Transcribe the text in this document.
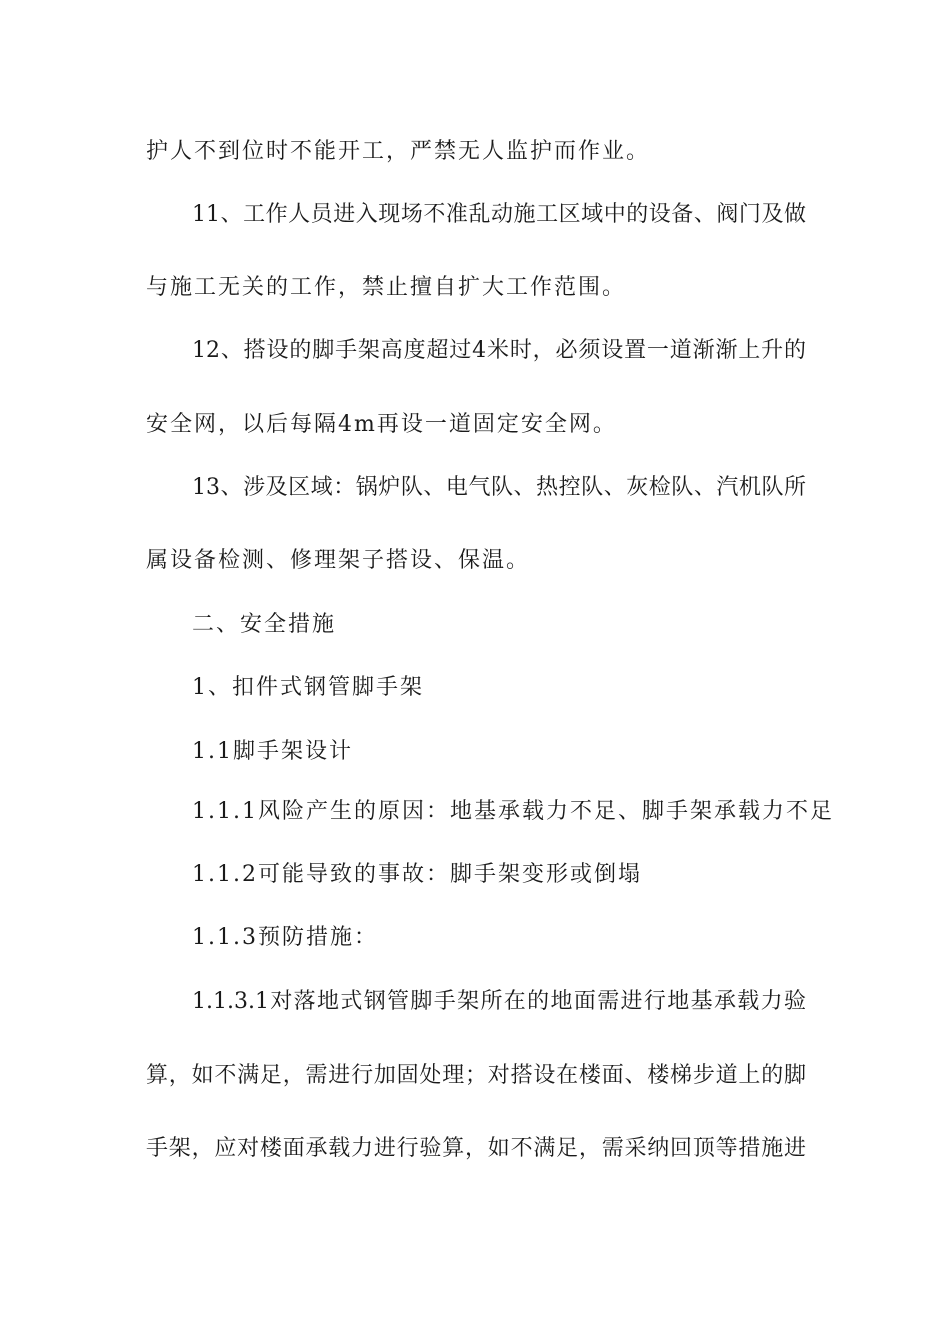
护人不到位时不能开工，严禁无人监护而作业。
11、工作人员进入现场不准乱动施工区域中的设备、阀门及做
与施工无关的工作，禁止擅自扩大工作范围。
12、搭设的脚手架高度超过4米时，必须设置一道渐渐上升的
安全网，以后每隔4m再设一道固定安全网。
13、涉及区域：锅炉队、电气队、热控队、灰检队、汽机队所
属设备检测、修理架子搭设、保温。
二、安全措施
1、扣件式钢管脚手架
1.1脚手架设计
1.1.1风险产生的原因：地基承载力不足、脚手架承载力不足
1.1.2可能导致的事故：脚手架变形或倒塌
1.1.3预防措施：
1.1.3.1对落地式钢管脚手架所在的地面需进行地基承载力验
算，如不满足，需进行加固处理；对搭设在楼面、楼梯步道上的脚
手架，应对楼面承载力进行验算，如不满足，需采纳回顶等措施进
